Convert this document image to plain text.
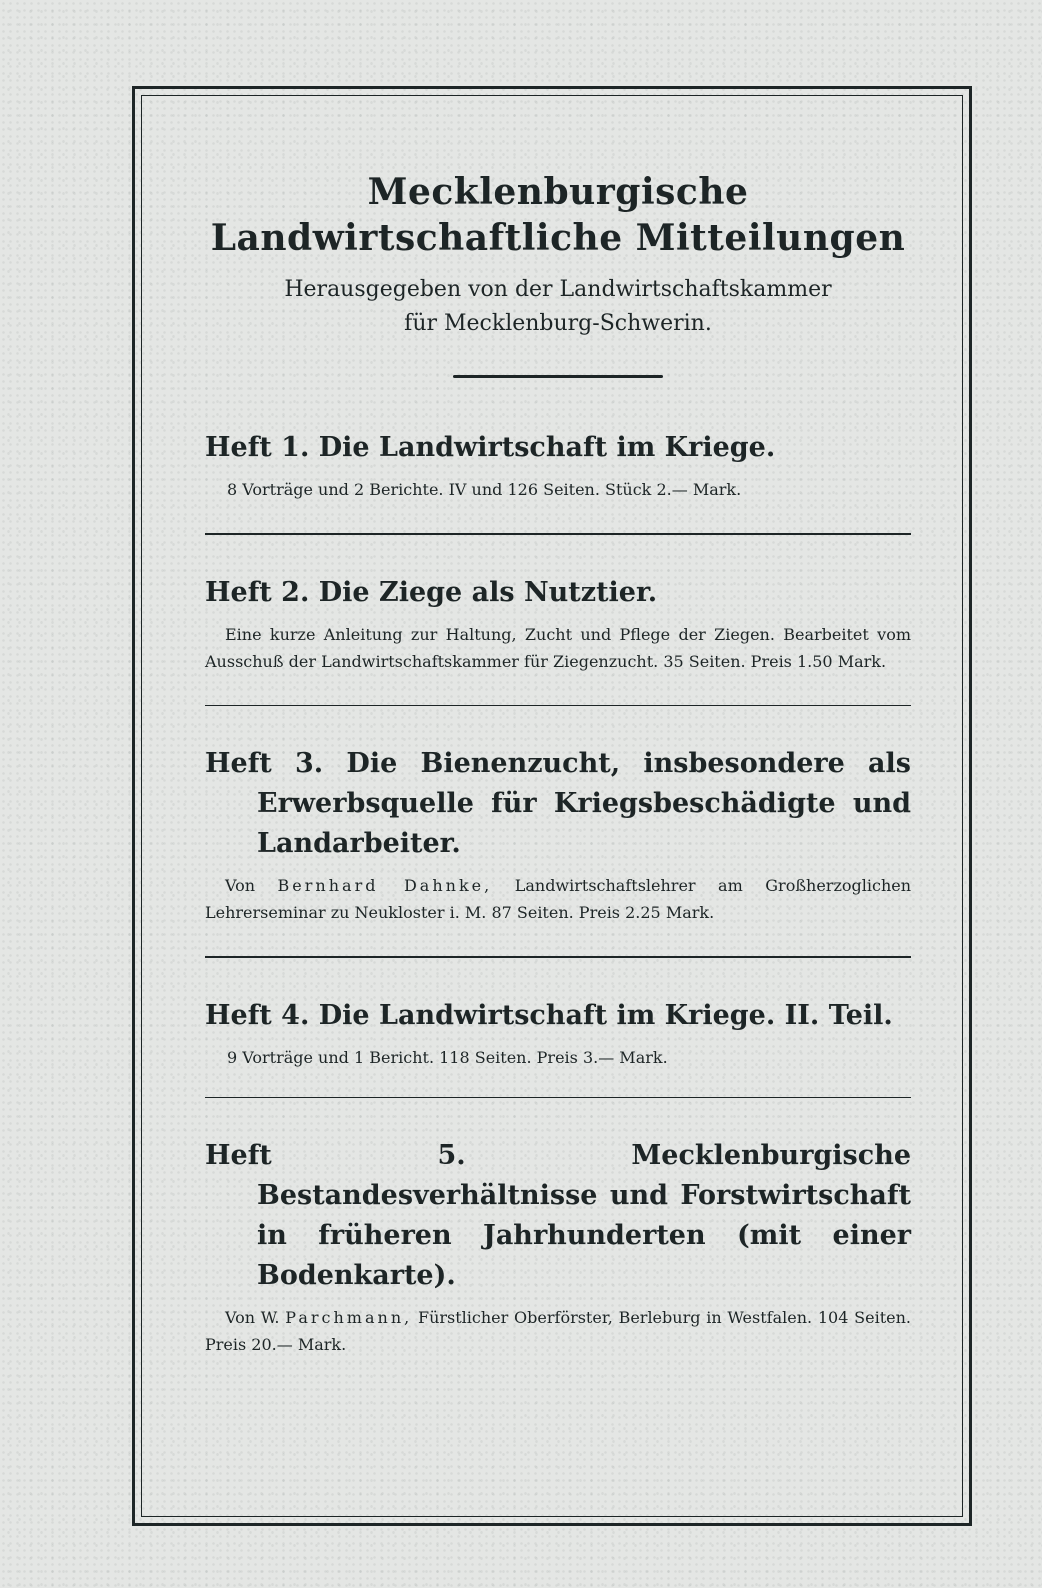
Mecklenburgische
Landwirtschaftliche Mitteilungen
Herausgegeben von der Landwirtschaftskammer
für Mecklenburg-Schwerin.
Heft 1. Die Landwirtschaft im Kriege.
8 Vorträge und 2 Berichte. IV und 126 Seiten. Stück 2.— Mark.
Heft 2. Die Ziege als Nutztier.
Eine kurze Anleitung zur Haltung, Zucht und Pflege der Ziegen. Bearbeitet vom Ausschuß der Landwirtschaftskammer für Ziegenzucht. 35 Seiten. Preis 1.50 Mark.
Heft 3. Die Bienenzucht, insbesondere als Erwerbsquelle für Kriegsbeschädigte und Landarbeiter.
Von Bernhard Dahnke, Landwirtschaftslehrer am Großherzoglichen Lehrerseminar zu Neukloster i. M. 87 Seiten. Preis 2.25 Mark.
Heft 4. Die Landwirtschaft im Kriege. II. Teil.
9 Vorträge und 1 Bericht. 118 Seiten. Preis 3.— Mark.
Heft 5. Mecklenburgische Bestandesverhältnisse und Forstwirtschaft in früheren Jahrhunderten (mit einer Bodenkarte).
Von W. Parchmann, Fürstlicher Oberförster, Berleburg in Westfalen. 104 Seiten. Preis 20.— Mark.
